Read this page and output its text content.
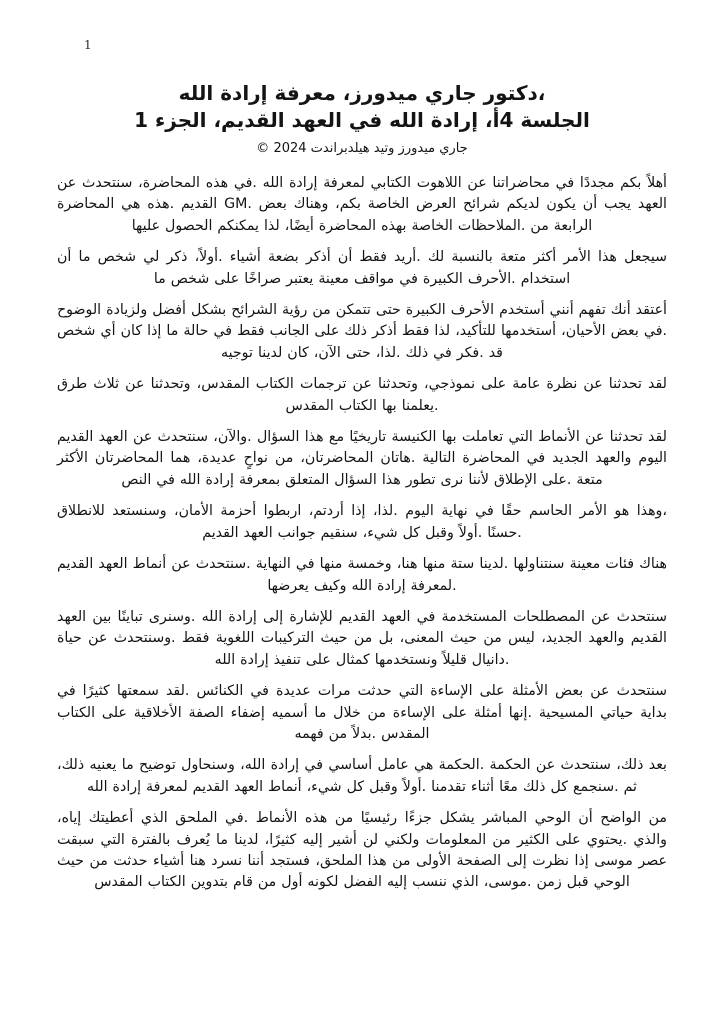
1
،دكتور جاري ميدورز، معرفة إرادة الله
الجلسة 4أ، إرادة الله في العهد القديم، الجزء 1
جاري ميدورز وتيد هيلدبراندت 2024 ©

أهلاً بكم مجددًا في محاضراتنا عن اللاهوت الكتابي لمعرفة إرادة الله .في هذه المحاضرة، سنتحدث عن العهد يجب أن يكون لديكم شرائح العرض الخاصة بكم، وهناك بعض .GM القديم .هذه هي المحاضرة الرابعة من .الملاحظات الخاصة بهذه المحاضرة أيضًا، لذا يمكنكم الحصول عليها

سيجعل هذا الأمر أكثر متعة بالنسبة لك .أريد فقط أن أذكر بضعة أشياء .أولاً، ذكر لي شخص ما أن استخدام .الأحرف الكبيرة في مواقف معينة يعتبر صراخًا على شخص ما

أعتقد أنك تفهم أنني أستخدم الأحرف الكبيرة حتى تتمكن من رؤية الشرائح بشكل أفضل ولزيادة الوضوح .في بعض الأحيان، أستخدمها للتأكيد، لذا فقط أذكر ذلك على الجانب فقط في حالة ما إذا كان أي شخص قد .فكر في ذلك .لذا، حتى الآن، كان لدينا توجيه

لقد تحدثنا عن نظرة عامة على نموذجي، وتحدثنا عن ترجمات الكتاب المقدس، وتحدثنا عن ثلاث طرق .يعلمنا بها الكتاب المقدس

لقد تحدثنا عن الأنماط التي تعاملت بها الكنيسة تاريخيًا مع هذا السؤال .والآن، سنتحدث عن العهد القديم اليوم والعهد الجديد في المحاضرة التالية .هاتان المحاضرتان، من نواحٍ عديدة، هما المحاضرتان الأكثر متعة .على الإطلاق لأننا نرى تطور هذا السؤال المتعلق بمعرفة إرادة الله في النص

،وهذا هو الأمر الحاسم حقًا في نهاية اليوم .لذا، إذا أردتم، اربطوا أحزمة الأمان، وسنستعد للانطلاق .حسنًا .أولاً وقبل كل شيء، سنقيم جوانب العهد القديم

هناك فئات معينة سنتناولها .لدينا ستة منها هنا، وخمسة منها في النهاية .سنتحدث عن أنماط العهد القديم .لمعرفة إرادة الله وكيف يعرضها

سنتحدث عن المصطلحات المستخدمة في العهد القديم للإشارة إلى إرادة الله .وسنرى تباينًا بين العهد القديم والعهد الجديد، ليس من حيث المعنى، بل من حيث التركيبات اللغوية فقط .وسنتحدث عن حياة .دانيال قليلاً ونستخدمها كمثال على تنفيذ إرادة الله

سنتحدث عن بعض الأمثلة على الإساءة التي حدثت مرات عديدة في الكنائس .لقد سمعتها كثيرًا في بداية حياتي المسيحية .إنها أمثلة على الإساءة من خلال ما أسميه إضفاء الصفة الأخلاقية على الكتاب المقدس .بدلاً من فهمه

بعد ذلك، سنتحدث عن الحكمة .الحكمة هي عامل أساسي في إرادة الله، وسنحاول توضيح ما يعنيه ذلك، ثم .سنجمع كل ذلك معًا أثناء تقدمنا .أولاً وقبل كل شيء، أنماط العهد القديم لمعرفة إرادة الله

من الواضح أن الوحي المباشر يشكل جزءًا رئيسيًا من هذه الأنماط .في الملحق الذي أعطيتك إياه، والذي .يحتوي على الكثير من المعلومات ولكني لن أشير إليه كثيرًا، لدينا ما يُعرف بالفترة التي سبقت عصر موسى إذا نظرت إلى الصفحة الأولى من هذا الملحق، فستجد أننا نسرد هنا أشياء حدثت من حيث الوحي قبل زمن .موسى، الذي ننسب إليه الفضل لكونه أول من قام بتدوين الكتاب المقدس
